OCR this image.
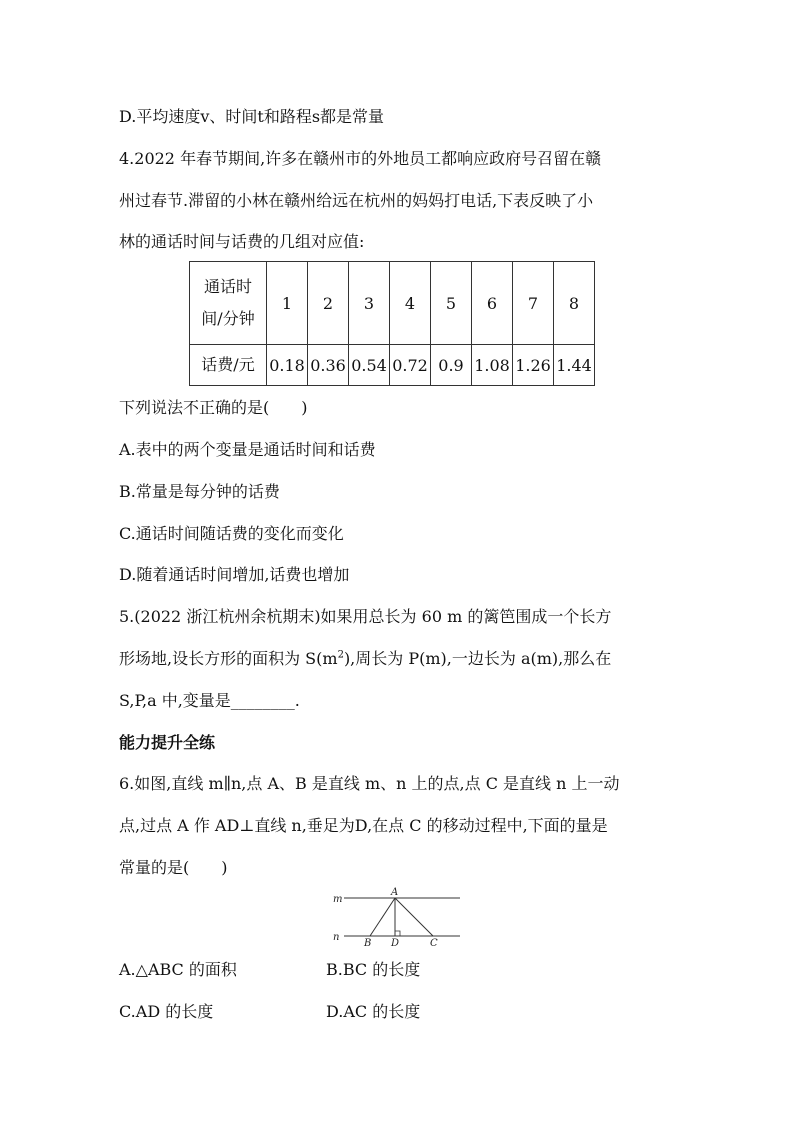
D.平均速度v、时间t和路程s都是常量
4.2022 年春节期间,许多在赣州市的外地员工都响应政府号召留在赣
州过春节.滞留的小林在赣州给远在杭州的妈妈打电话,下表反映了小
林的通话时间与话费的几组对应值:
通话时
间/分钟	1	2	3	4	5	6	7	8
话费/元	0.18	0.36	0.54	0.72	0.9	1.08	1.26	1.44
下列说法不正确的是(　　)
A.表中的两个变量是通话时间和话费
B.常量是每分钟的话费
C.通话时间随话费的变化而变化
D.随着通话时间增加,话费也增加
5.(2022 浙江杭州余杭期末)如果用总长为 60 m 的篱笆围成一个长方
形场地,设长方形的面积为 $S(m^2)$,周长为 P(m),一边长为 a(m),那么在
S,P,a 中,变量是________.
能力提升全练
6.如图,直线 m∥n,点 A、B 是直线 m、n 上的点,点 C 是直线 n 上一动
点,过点 A 作 AD⊥直线 n,垂足为D,在点 C 的移动过程中,下面的量是
常量的是(　　)
m
n
A
B D	C
A.△ABC 的面积	B.BC 的长度
C.AD 的长度	D.AC 的长度
